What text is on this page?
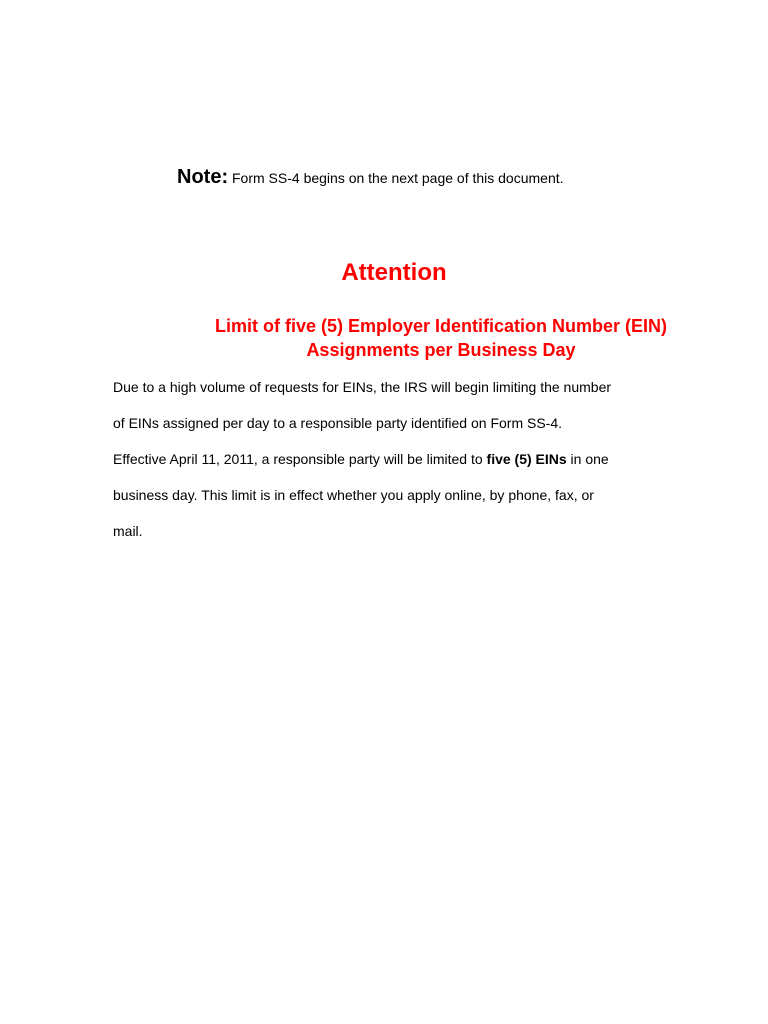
Note: Form SS-4 begins on the next page of this document.
Attention
Limit of five (5) Employer Identification Number (EIN)
Assignments per Business Day
Due to a high volume of requests for EINs, the IRS will begin limiting the number
of EINs assigned per day to a responsible party identified on Form SS-4.
Effective April 11, 2011, a responsible party will be limited to five (5) EINs in one
business day. This limit is in effect whether you apply online, by phone, fax, or
mail.
